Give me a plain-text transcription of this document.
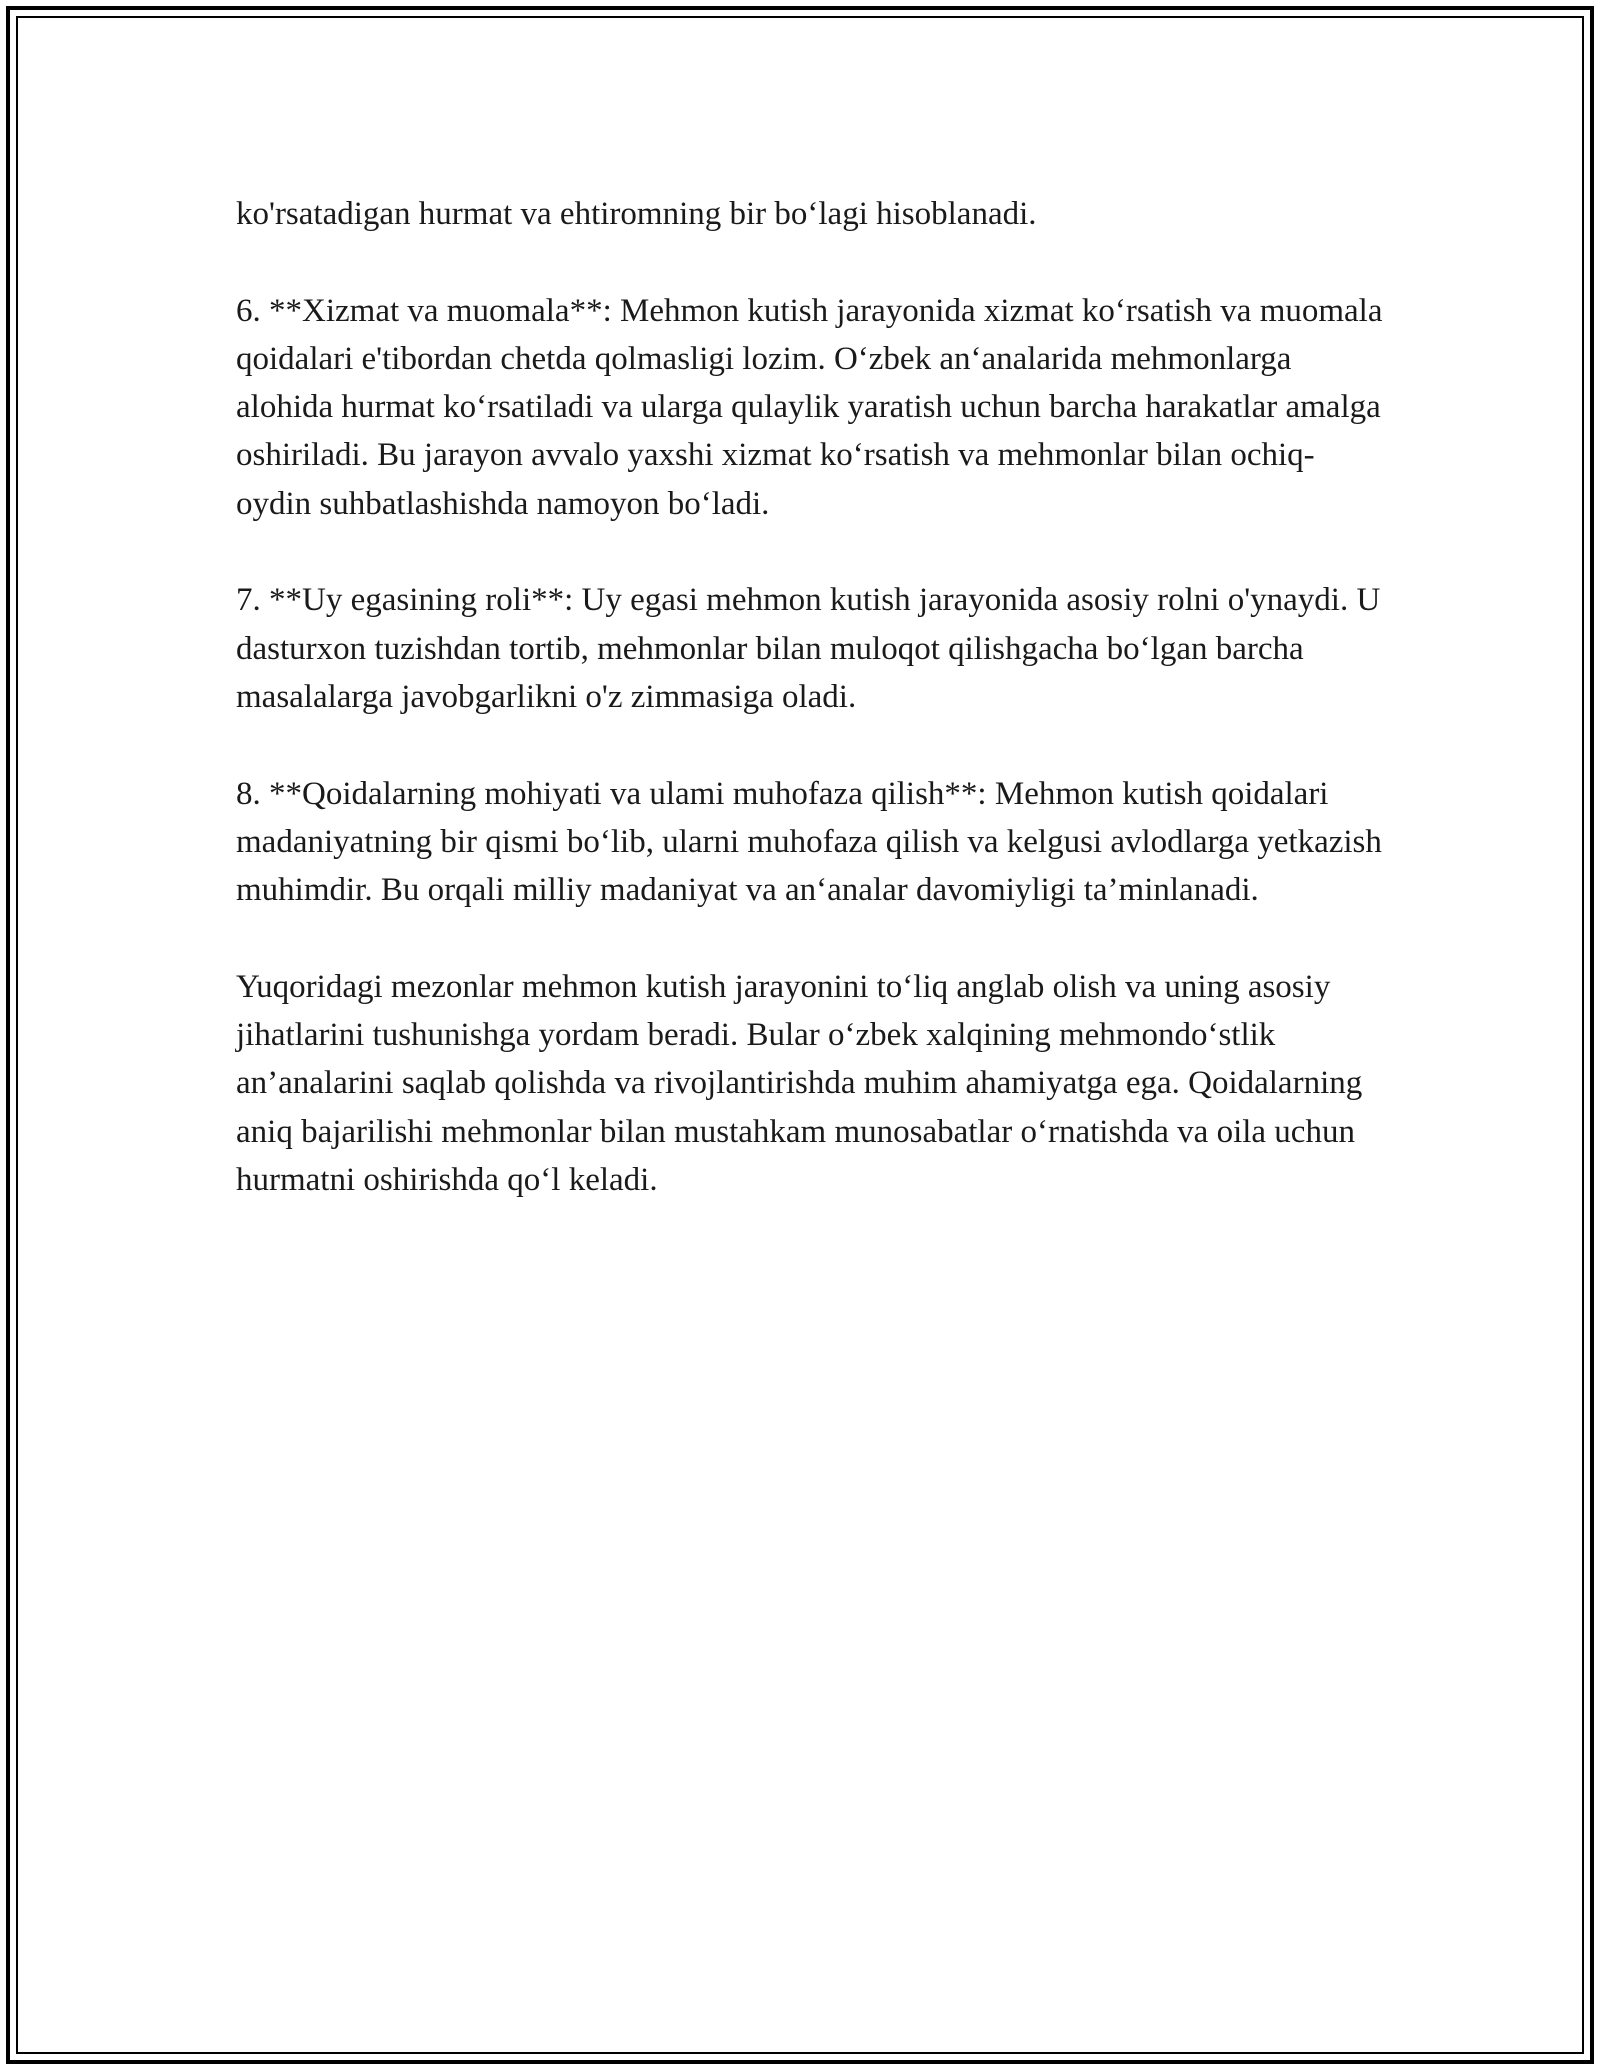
ko'rsatadigan hurmat va ehtiromning bir bo‘lagi hisoblanadi.

6. **Xizmat va muomala**: Mehmon kutish jarayonida xizmat ko‘rsatish va muomala qoidalari e'tibordan chetda qolmasligi lozim. O‘zbek an‘analarida mehmonlarga alohida hurmat ko‘rsatiladi va ularga qulaylik yaratish uchun barcha harakatlar amalga oshiriladi. Bu jarayon avvalo yaxshi xizmat ko‘rsatish va mehmonlar bilan ochiq-oydin suhbatlashishda namoyon bo‘ladi.

7. **Uy egasining roli**: Uy egasi mehmon kutish jarayonida asosiy rolni o'ynaydi. U dasturxon tuzishdan tortib, mehmonlar bilan muloqot qilishgacha bo‘lgan barcha masalalarga javobgarlikni o'z zimmasiga oladi.

8. **Qoidalarning mohiyati va ulami muhofaza qilish**: Mehmon kutish qoidalari madaniyatning bir qismi bo‘lib, ularni muhofaza qilish va kelgusi avlodlarga yetkazish muhimdir. Bu orqali milliy madaniyat va an‘analar davomiyligi ta’minlanadi.

Yuqoridagi mezonlar mehmon kutish jarayonini to‘liq anglab olish va uning asosiy jihatlarini tushunishga yordam beradi. Bular o‘zbek xalqining mehmondo‘stlik an’analarini saqlab qolishda va rivojlantirishda muhim ahamiyatga ega. Qoidalarning aniq bajarilishi mehmonlar bilan mustahkam munosabatlar o‘rnatishda va oila uchun hurmatni oshirishda qo‘l keladi.
